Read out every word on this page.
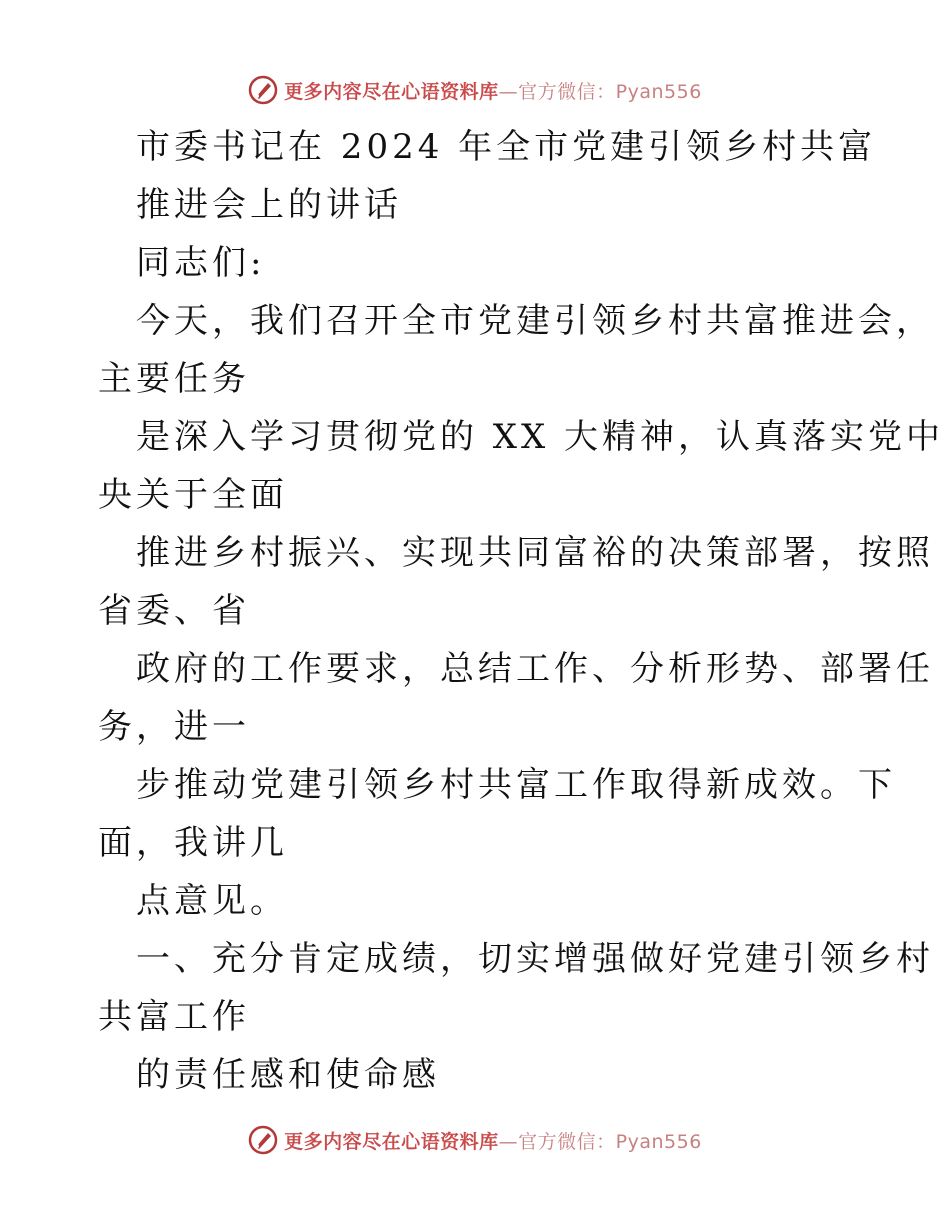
更多内容尽在心语资料库—官方微信：Pyan556
市委书记在 2024 年全市党建引领乡村共富
推进会上的讲话
同志们:
今天，我们召开全市党建引领乡村共富推进会，
主要任务
是深入学习贯彻党的 XX 大精神，认真落实党中
央关于全面
推进乡村振兴、实现共同富裕的决策部署，按照
省委、省
政府的工作要求，总结工作、分析形势、部署任
务，进一
步推动党建引领乡村共富工作取得新成效。下
面，我讲几
点意见。
一、充分肯定成绩，切实增强做好党建引领乡村
共富工作
的责任感和使命感
更多内容尽在心语资料库—官方微信：Pyan556
